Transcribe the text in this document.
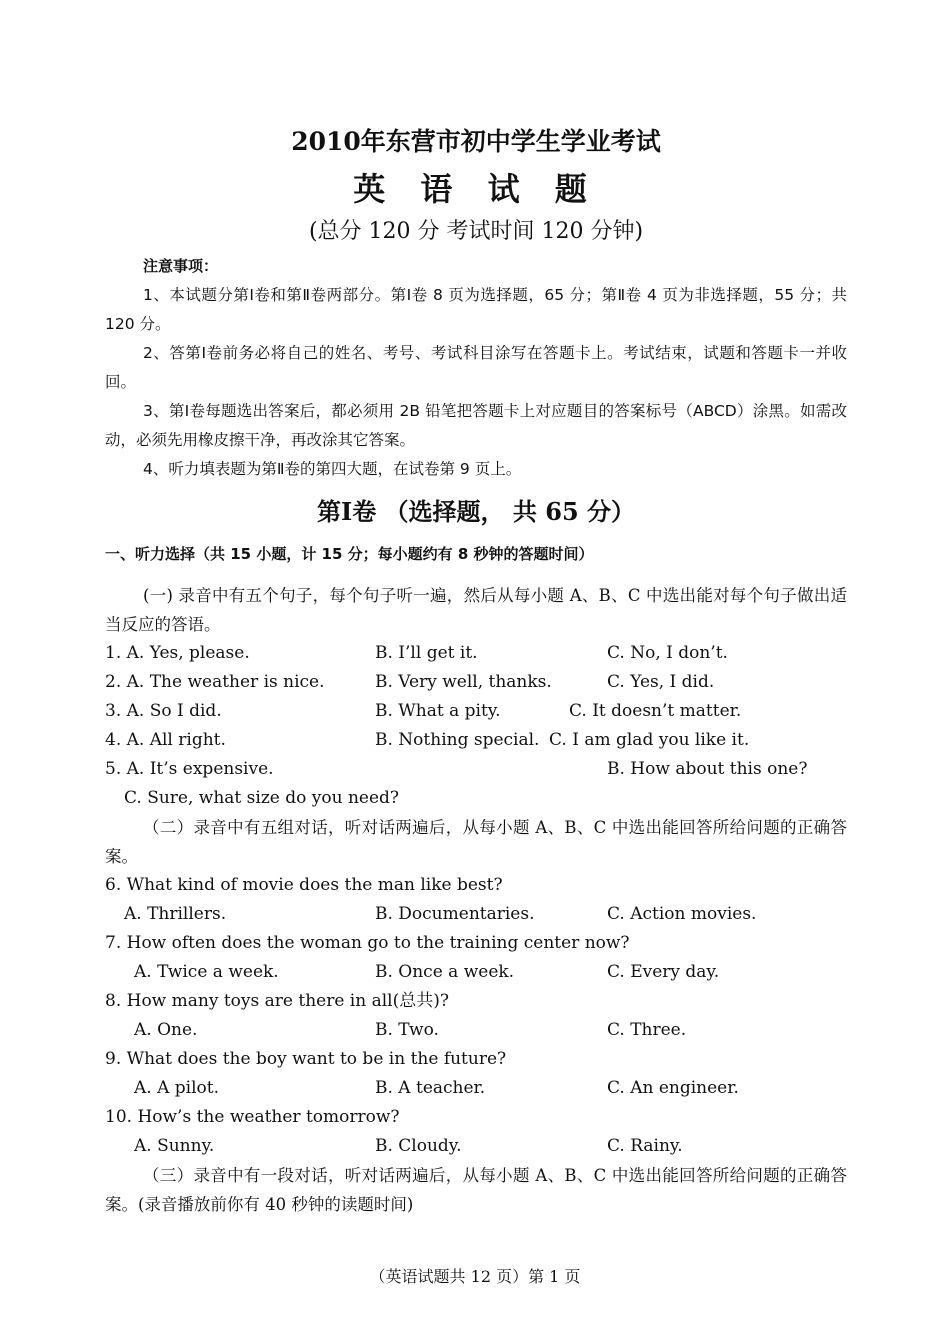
2010年东营市初中学生学业考试
英 语 试 题
(总分 120 分 考试时间 120 分钟)
注意事项：

1、本试题分第Ⅰ卷和第Ⅱ卷两部分。第Ⅰ卷 8 页为选择题，65 分；第Ⅱ卷 4 页为非选择题，55 分；共 120 分。

2、答第Ⅰ卷前务必将自己的姓名、考号、考试科目涂写在答题卡上。考试结束，试题和答题卡一并收回。

3、第Ⅰ卷每题选出答案后，都必须用 2B 铅笔把答题卡上对应题目的答案标号（ABCD）涂黑。如需改动，必须先用橡皮擦干净，再改涂其它答案。

4、听力填表题为第Ⅱ卷的第四大题，在试卷第 9 页上。

第Ⅰ卷 （选择题， 共 65 分）
一、听力选择（共 15 小题，计 15 分；每小题约有 8 秒钟的答题时间）

(一) 录音中有五个句子，每个句子听一遍，然后从每小题 A、B、C 中选出能对每个句子做出适当反应的答语。

1. A. Yes, please.	B. I’ll get it.	C. No, I don’t.
2. A. The weather is nice.	B. Very well, thanks.	C. Yes, I did.
3. A. So I did.	B. What a pity.	C. It doesn’t matter.
4. A. All right.	B. Nothing special. C. I am glad you like it.
5. A. It’s expensive.	B. How about this one?
C. Sure, what size do you need?

（二）录音中有五组对话，听对话两遍后，从每小题 A、B、C 中选出能回答所给问题的正确答案。

6. What kind of movie does the man like best?
A. Thrillers.	B. Documentaries.	C. Action movies.
7. How often does the woman go to the training center now?
A. Twice a week.	B. Once a week.	C. Every day.
8. How many toys are there in all(总共)?
A. One.	B. Two.	C. Three.
9. What does the boy want to be in the future?
A. A pilot.	B. A teacher.	C. An engineer.
10. How’s the weather tomorrow?
A. Sunny.	B. Cloudy.	C. Rainy.

（三）录音中有一段对话，听对话两遍后，从每小题 A、B、C 中选出能回答所给问题的正确答案。(录音播放前你有 40 秒钟的读题时间)

（英语试题共 12 页）第 1 页
